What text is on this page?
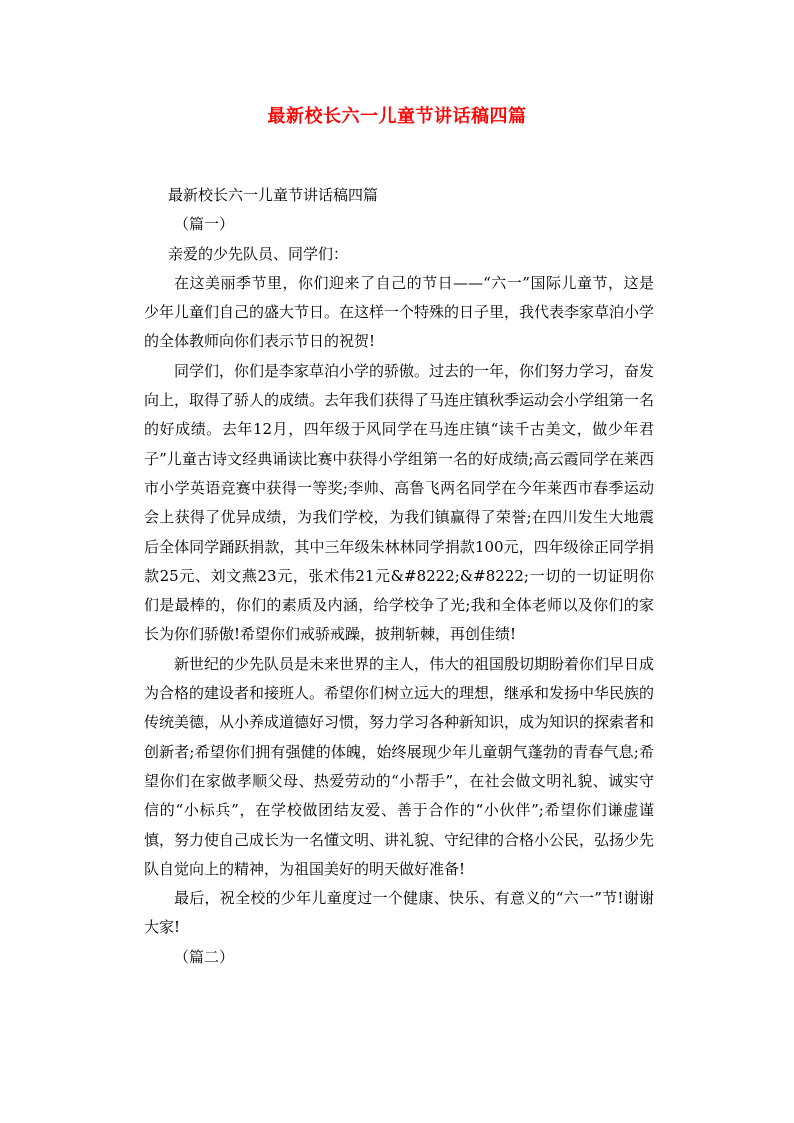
最新校长六一儿童节讲话稿四篇

最新校长六一儿童节讲话稿四篇

（篇一）

亲爱的少先队员、同学们：

在这美丽季节里，你们迎来了自己的节日——“六一”国际儿童节，这是少年儿童们自己的盛大节日。在这样一个特殊的日子里，我代表李家草泊小学的全体教师向你们表示节日的祝贺!

同学们，你们是李家草泊小学的骄傲。过去的一年，你们努力学习，奋发向上，取得了骄人的成绩。去年我们获得了马连庄镇秋季运动会小学组第一名的好成绩。去年12月，四年级于风同学在马连庄镇“读千古美文，做少年君子”儿童古诗文经典诵读比赛中获得小学组第一名的好成绩;高云霞同学在莱西市小学英语竞赛中获得一等奖;李帅、高鲁飞两名同学在今年莱西市春季运动会上获得了优异成绩，为我们学校，为我们镇赢得了荣誉;在四川发生大地震后全体同学踊跃捐款，其中三年级朱林林同学捐款100元，四年级徐正同学捐款25元、刘文燕23元，张术伟21元&#8222;&#8222;一切的一切证明你们是最棒的，你们的素质及内涵，给学校争了光;我和全体老师以及你们的家长为你们骄傲!希望你们戒骄戒躁，披荆斩棘，再创佳绩!

新世纪的少先队员是未来世界的主人，伟大的祖国殷切期盼着你们早日成为合格的建设者和接班人。希望你们树立远大的理想，继承和发扬中华民族的传统美德，从小养成道德好习惯，努力学习各种新知识，成为知识的探索者和创新者;希望你们拥有强健的体魄，始终展现少年儿童朝气蓬勃的青春气息;希望你们在家做孝顺父母、热爱劳动的“小帮手”，在社会做文明礼貌、诚实守信的“小标兵”，在学校做团结友爱、善于合作的“小伙伴”;希望你们谦虚谨慎，努力使自己成长为一名懂文明、讲礼貌、守纪律的合格小公民，弘扬少先队自觉向上的精神，为祖国美好的明天做好准备!

最后，祝全校的少年儿童度过一个健康、快乐、有意义的“六一”节!谢谢大家!

（篇二）
